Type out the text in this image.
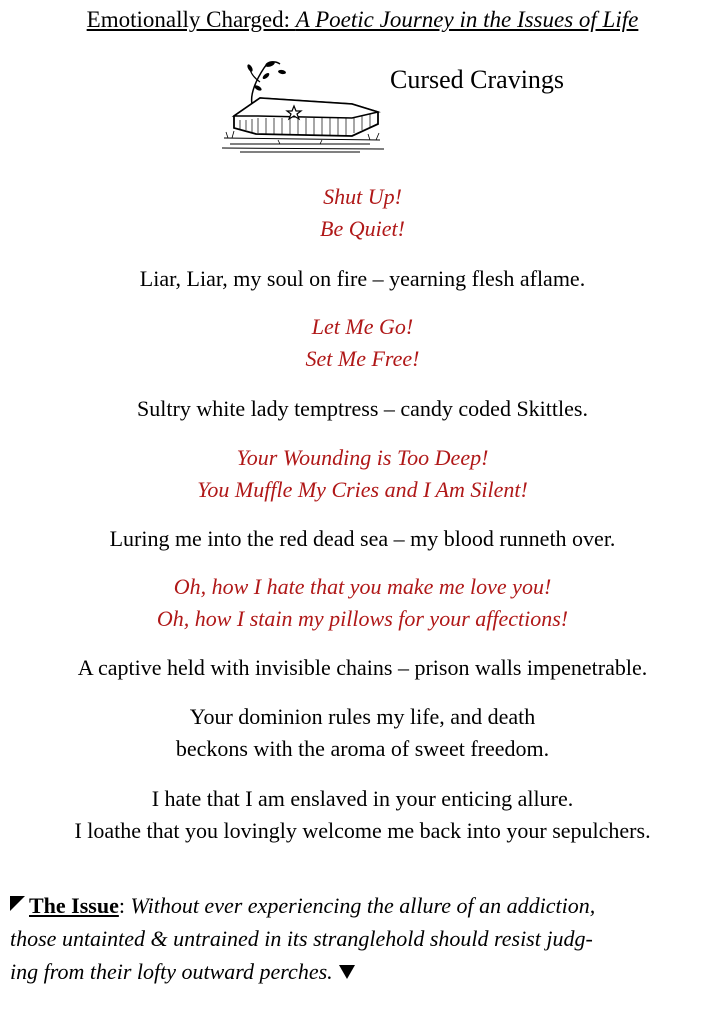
Emotionally Charged: A Poetic Journey in the Issues of Life
Cursed Cravings
Shut Up!
Be Quiet!
Liar, Liar, my soul on fire – yearning flesh aflame.
Let Me Go!
Set Me Free!
Sultry white lady temptress – candy coded Skittles.
Your Wounding is Too Deep!
You Muffle My Cries and I Am Silent!
Luring me into the red dead sea – my blood runneth over.
Oh, how I hate that you make me love you!
Oh, how I stain my pillows for your affections!
A captive held with invisible chains – prison walls impenetrable.
Your dominion rules my life, and death
beckons with the aroma of sweet freedom.
I hate that I am enslaved in your enticing allure.
I loathe that you lovingly welcome me back into your sepulchers.
The Issue: Without ever experiencing the allure of an addiction,
those untainted & untrained in its stranglehold should resist judg-
ing from their lofty outward perches.
